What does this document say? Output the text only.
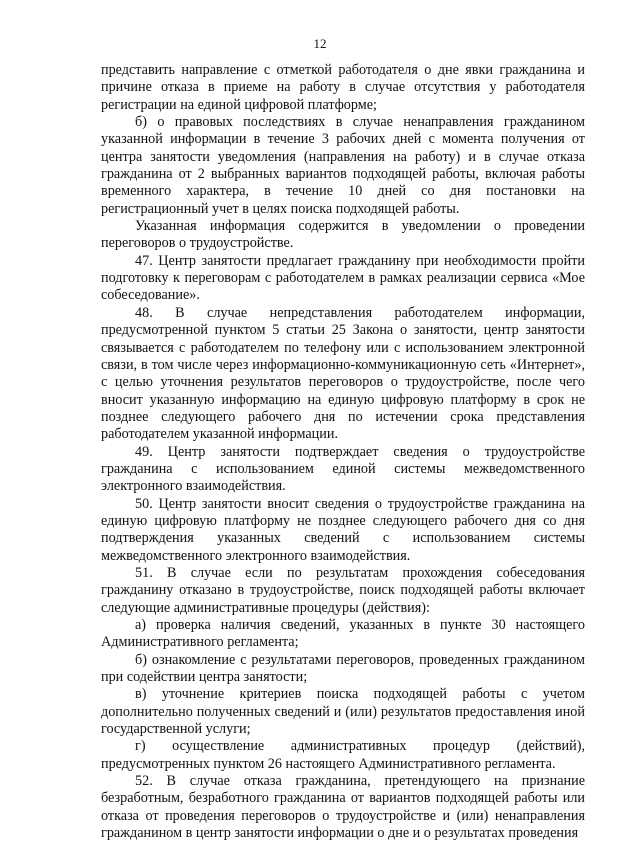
12

представить направление с отметкой работодателя о дне явки гражданина и причине отказа в приеме на работу в случае отсутствия у работодателя регистрации на единой цифровой платформе;

б) о правовых последствиях в случае ненаправления гражданином указанной информации в течение 3 рабочих дней с момента получения от центра занятости уведомления (направления на работу) и в случае отказа гражданина от 2 выбранных вариантов подходящей работы, включая работы временного характера, в течение 10 дней со дня постановки на регистрационный учет в целях поиска подходящей работы.

Указанная информация содержится в уведомлении о проведении переговоров о трудоустройстве.

47. Центр занятости предлагает гражданину при необходимости пройти подготовку к переговорам с работодателем в рамках реализации сервиса «Мое собеседование».

48. В случае непредставления работодателем информации, предусмотренной пунктом 5 статьи 25 Закона о занятости, центр занятости связывается с работодателем по телефону или с использованием электронной связи, в том числе через информационно-коммуникационную сеть «Интернет», с целью уточнения результатов переговоров о трудоустройстве, после чего вносит указанную информацию на единую цифровую платформу в срок не позднее следующего рабочего дня по истечении срока представления работодателем указанной информации.

49. Центр занятости подтверждает сведения о трудоустройстве гражданина с использованием единой системы межведомственного электронного взаимодействия.

50. Центр занятости вносит сведения о трудоустройстве гражданина на единую цифровую платформу не позднее следующего рабочего дня со дня подтверждения указанных сведений с использованием системы межведомственного электронного взаимодействия.

51. В случае если по результатам прохождения собеседования гражданину отказано в трудоустройстве, поиск подходящей работы включает следующие административные процедуры (действия):

а) проверка наличия сведений, указанных в пункте 30 настоящего Административного регламента;

б) ознакомление с результатами переговоров, проведенных гражданином при содействии центра занятости;

в) уточнение критериев поиска подходящей работы с учетом дополнительно полученных сведений и (или) результатов предоставления иной государственной услуги;

г) осуществление административных процедур (действий), предусмотренных пунктом 26 настоящего Административного регламента.

52. В случае отказа гражданина, претендующего на признание безработным, безработного гражданина от вариантов подходящей работы или отказа от проведения переговоров о трудоустройстве и (или) ненаправления гражданином в центр занятости информации о дне и о результатах проведения
